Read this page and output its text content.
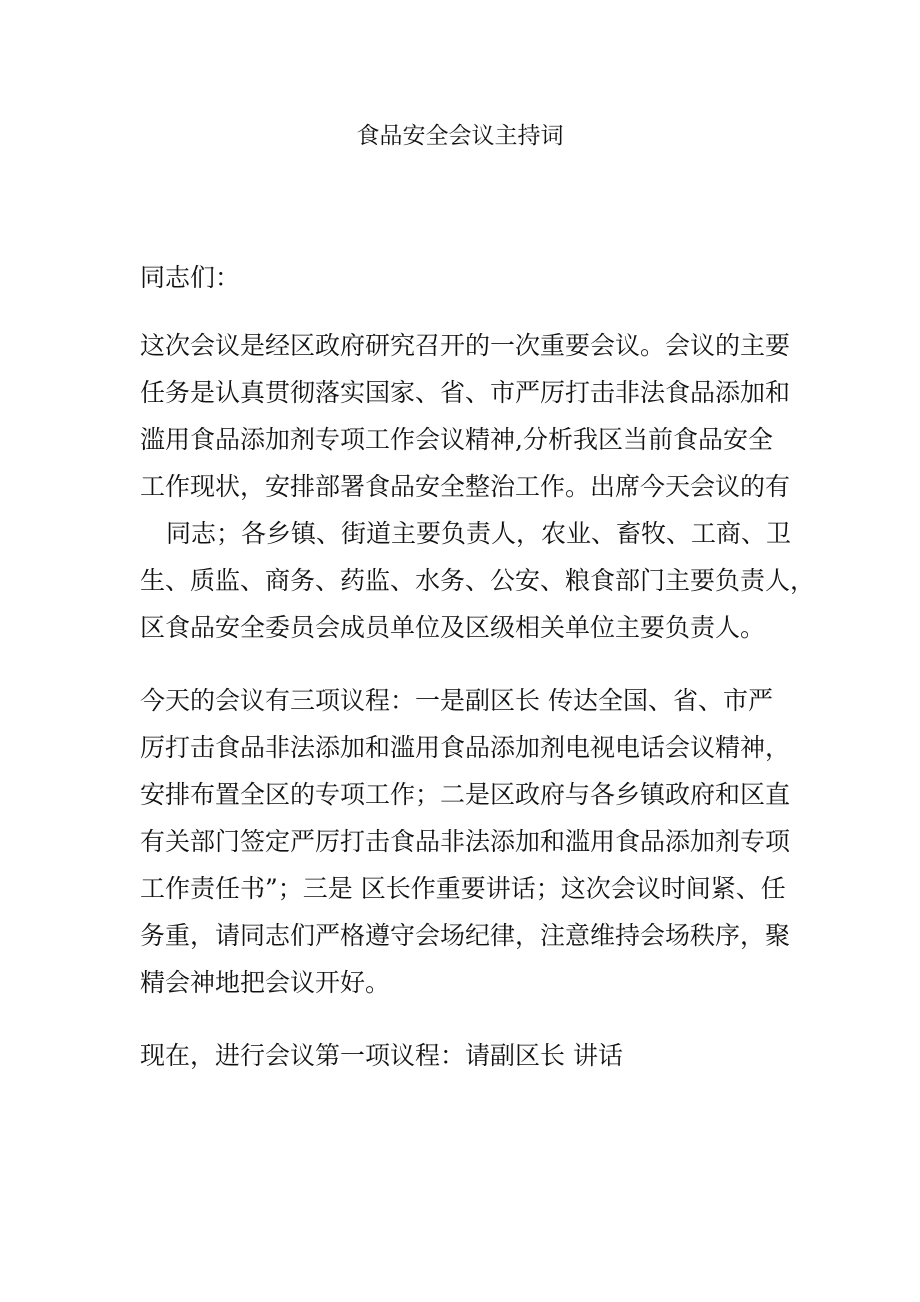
食品安全会议主持词

同志们：

这次会议是经区政府研究召开的一次重要会议。会议的主要

任务是认真贯彻落实国家、省、市严厉打击非法食品添加和

滥用食品添加剂专项工作会议精神,分析我区当前食品安全

工作现状，安排部署食品安全整治工作。出席今天会议的有

同志；各乡镇、街道主要负责人，农业、畜牧、工商、卫

生、质监、商务、药监、水务、公安、粮食部门主要负责人，

区食品安全委员会成员单位及区级相关单位主要负责人。

今天的会议有三项议程：一是副区长 传达全国、省、市严

厉打击食品非法添加和滥用食品添加剂电视电话会议精神，

安排布置全区的专项工作；二是区政府与各乡镇政府和区直

有关部门签定严厉打击食品非法添加和滥用食品添加剂专项

工作责任书”；三是 区长作重要讲话；这次会议时间紧、任

务重，请同志们严格遵守会场纪律，注意维持会场秩序，聚

精会神地把会议开好。

现在，进行会议第一项议程：请副区长 讲话
